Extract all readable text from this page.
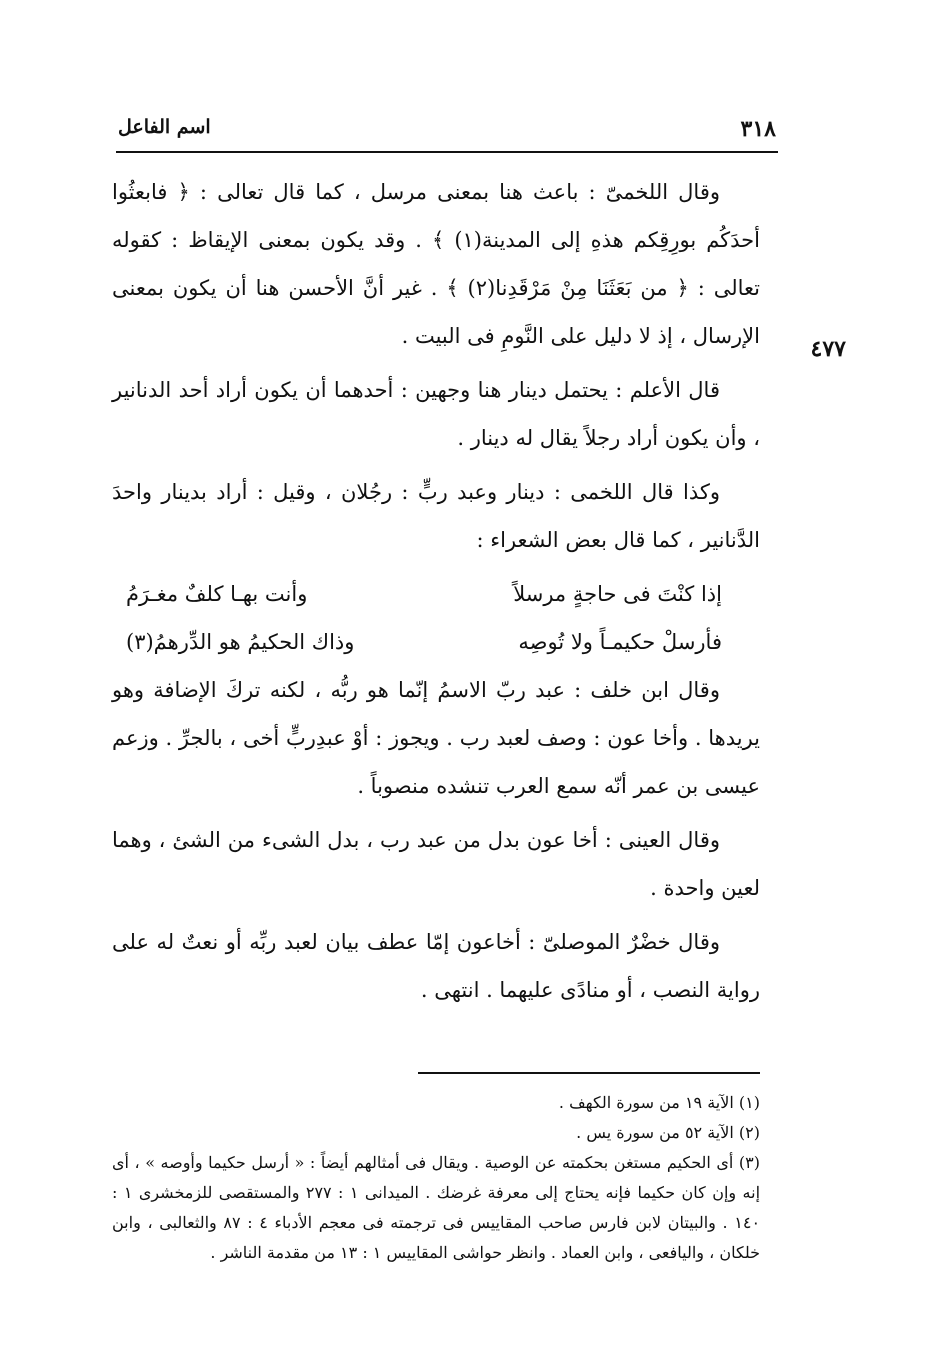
٣١٨
اسم الفاعل
٤٧٧

وقال اللخمىّ : باعث هنا بمعنى مرسل ، كما قال تعالى : ﴿ فابعثُوا أحدَكُم بورِقِكم هذهِ إلى المدينة(١) ﴾ . وقد يكون بمعنى الإيقاظ : كقوله تعالى : ﴿ من بَعَثَنَا مِنْ مَرْقَدِنا(٢) ﴾ . غير أنَّ الأحسن هنا أن يكون بمعنى الإرسال ، إذ لا دليل على النَّومِ فى البيت .

قال الأعلم : يحتمل دينار هنا وجهين : أحدهما أن يكون أراد أحد الدنانير ، وأن يكون أراد رجلاً يقال له دينار .

وكذا قال اللخمى : دينار وعبد ربٍّ : رجُلان ، وقيل : أراد بدينار واحدَ الدَّنانير ، كما قال بعض الشعراء :

إذا كنْتَ فى حاجةٍ مرسلاً
وأنت بهـا كلفٌ مغـرَمُ
فأرسلْ حكيمـاً ولا تُوصِه
وذاك الحكيمُ هو الدِّرهمُ(٣)

وقال ابن خلف : عبد ربّ الاسمُ إنّما هو ربُّه ، لكنه تركَ الإضافة وهو يريدها . وأخا عون : وصف لعبد رب . ويجوز : أوْ عبدِربٍّ أخى ، بالجرِّ . وزعم عيسى بن عمر أنّه سمع العرب تنشده منصوباً .

وقال العينى : أخا عون بدل من عبد رب ، بدل الشىء من الشئ ، وهما لعين واحدة .

وقال خضْرٌ الموصلىّ : أخاعون إمّا عطف بيان لعبد ربِّه أو نعتٌ له على رواية النصب ، أو منادًى عليهما . انتهى .

(١) الآية ١٩ من سورة الكهف .

(٢) الآية ٥٢ من سورة يس .

(٣) أى الحكيم مستغن بحكمته عن الوصية . ويقال فى أمثالهم أيضاً : « أرسل حكيما وأوصه » ، أى إنه وإن كان حكيما فإنه يحتاج إلى معرفة غرضك . الميدانى ١ : ٢٧٧ والمستقصى للزمخشرى ١ : ١٤٠ . والبيتان لابن فارس صاحب المقاييس فى ترجمته فى معجم الأدباء ٤ : ٨٧ والثعالبى ، وابن خلكان ، واليافعى ، وابن العماد . وانظر حواشى المقاييس ١ : ١٣ من مقدمة الناشر .
